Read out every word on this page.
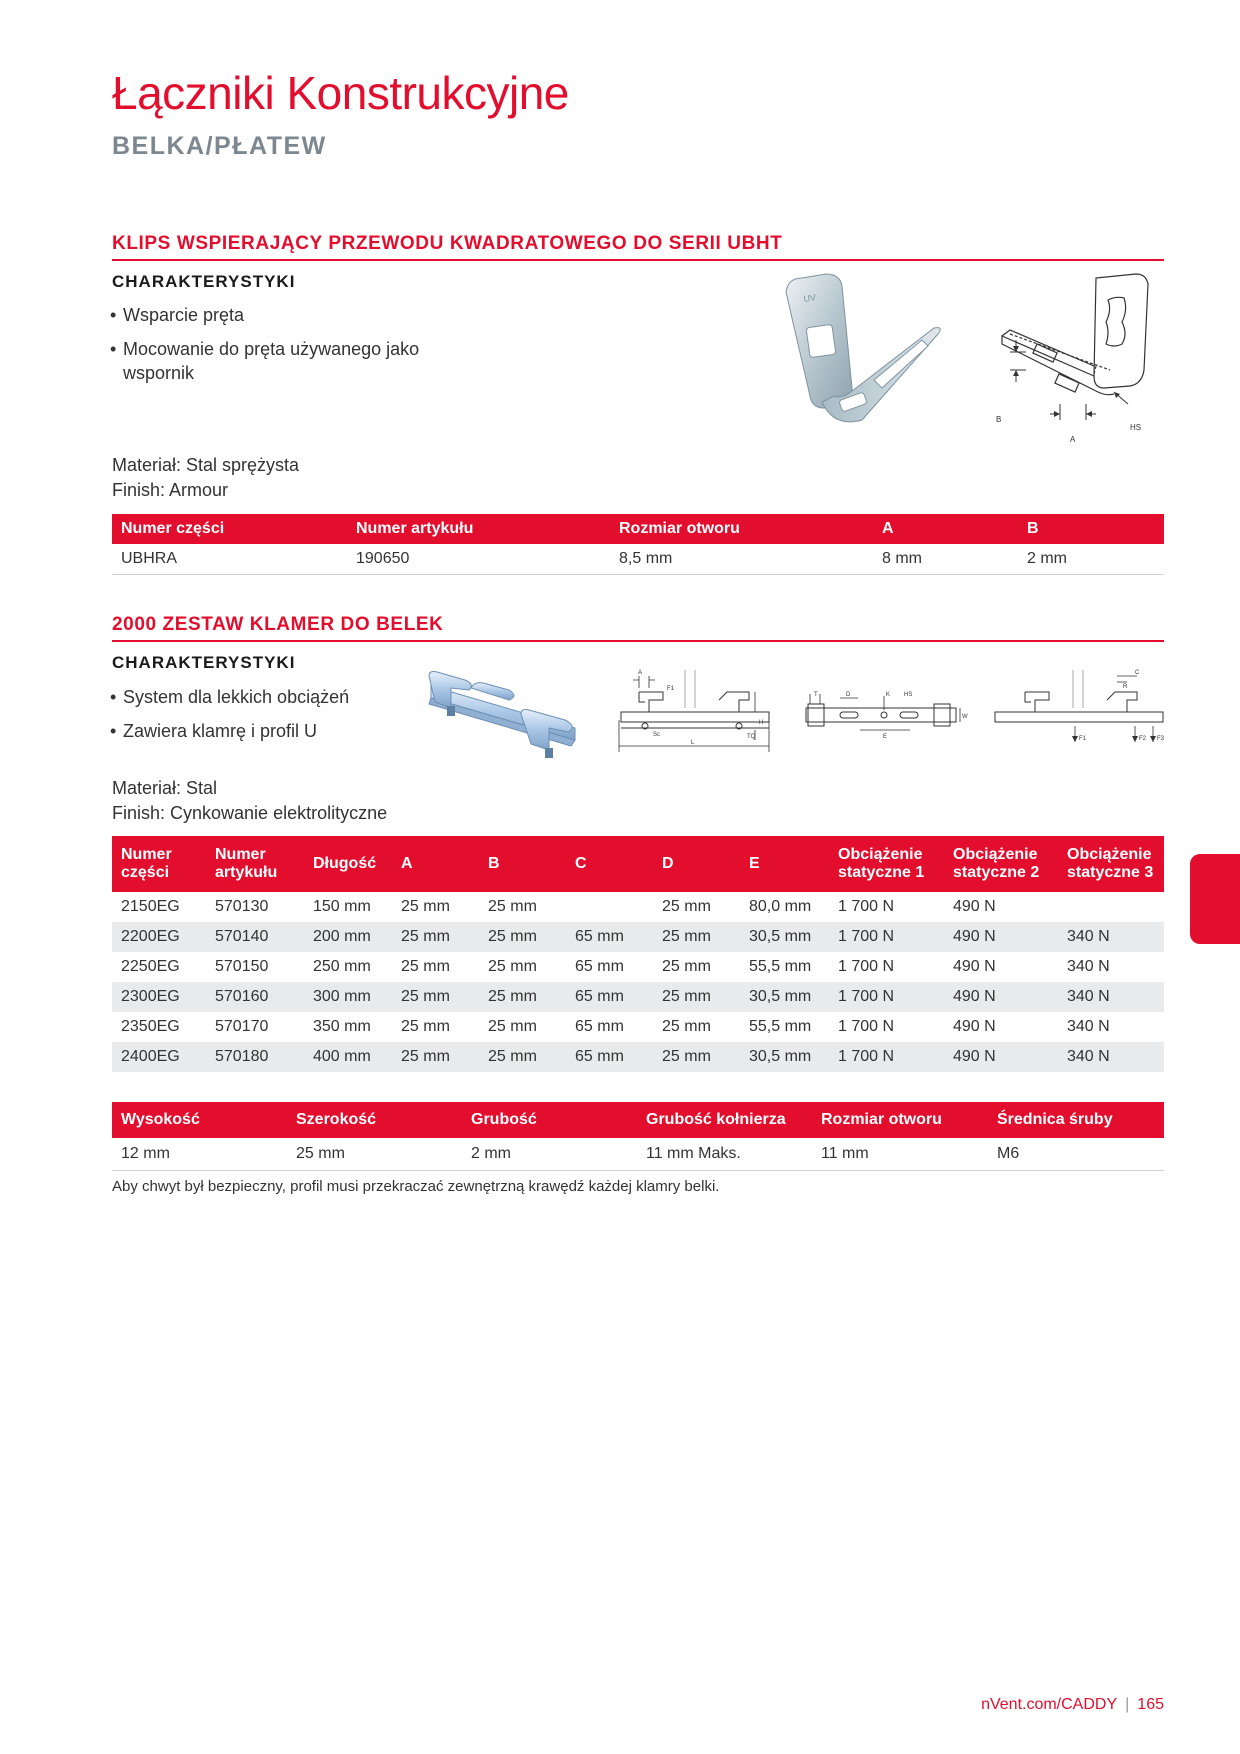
Łączniki Konstrukcyjne
BELKA/PŁATEW
KLIPS WSPIERAJĄCY PRZEWODU KWADRATOWEGO DO SERII UBHT
CHARAKTERYSTYKI
• Wsparcie pręta
• Mocowanie do pręta używanego jako wspornik
UV
B
A
HS
Materiał: Stal sprężysta
Finish: Armour
Numer części	Numer artykułu	Rozmiar otworu	A	B
UBHRA	190650	8,5 mm	8 mm	2 mm
2000 ZESTAW KLAMER DO BELEK
CHARAKTERYSTYKI
• System dla lekkich obciążeń
• Zawiera klamrę i profil U
A
F1
H
Sc	TQ
L
T	D	K HS
W
E
C
R
F1	F2 F3
Materiał: Stal
Finish: Cynkowanie elektrolityczne
Numer części	Numer artykułu	Długość	A	B	C	D	E	Obciążenie statyczne 1	Obciążenie statyczne 2	Obciążenie statyczne 3
2150EG	570130	150 mm	25 mm	25 mm		25 mm	80,0 mm	1 700 N	490 N	
2200EG	570140	200 mm	25 mm	25 mm	65 mm	25 mm	30,5 mm	1 700 N	490 N	340 N
2250EG	570150	250 mm	25 mm	25 mm	65 mm	25 mm	55,5 mm	1 700 N	490 N	340 N
2300EG	570160	300 mm	25 mm	25 mm	65 mm	25 mm	30,5 mm	1 700 N	490 N	340 N
2350EG	570170	350 mm	25 mm	25 mm	65 mm	25 mm	55,5 mm	1 700 N	490 N	340 N
2400EG	570180	400 mm	25 mm	25 mm	65 mm	25 mm	30,5 mm	1 700 N	490 N	340 N
Wysokość	Szerokość	Grubość	Grubość kołnierza	Rozmiar otworu	Średnica śruby
12 mm	25 mm	2 mm	11 mm Maks.	11 mm	M6
Aby chwyt był bezpieczny, profil musi przekraczać zewnętrzną krawędź każdej klamry belki.
nVent.com/CADDY | 165
